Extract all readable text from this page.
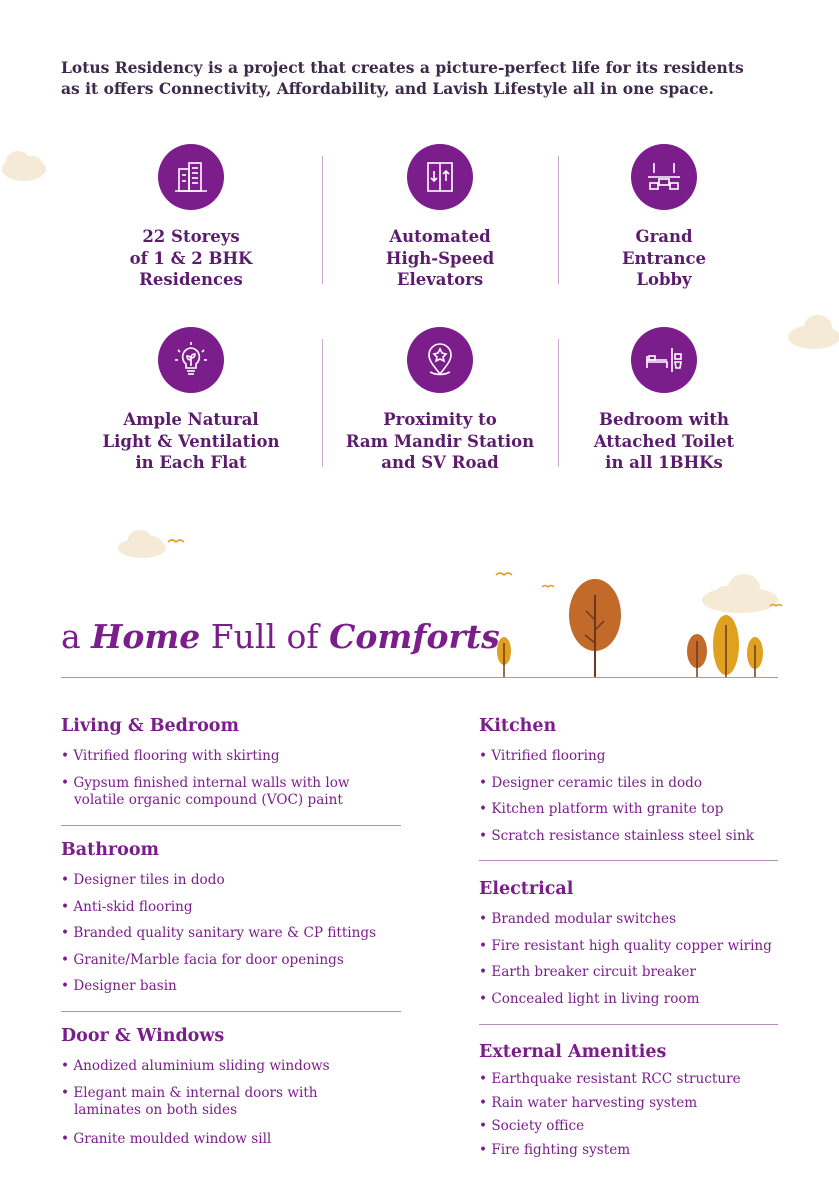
Lotus Residency is a project that creates a picture-perfect life for its residents
as it offers Connectivity, Affordability, and Lavish Lifestyle all in one space.
22 Storeys
of 1 & 2 BHK
Residences
Automated
High-Speed
Elevators
Grand
Entrance
Lobby
Ample Natural
Light & Ventilation
in Each Flat
Proximity to
Ram Mandir Station
and SV Road
Bedroom with
Attached Toilet
in all 1BHKs
a Home Full of Comforts
Living & Bedroom
• Vitrified flooring with skirting
• Gypsum finished internal walls with low
volatile organic compound (VOC) paint
Bathroom
• Designer tiles in dodo
• Anti-skid flooring
• Branded quality sanitary ware & CP fittings
• Granite/Marble facia for door openings
• Designer basin
Door & Windows
• Anodized aluminium sliding windows
• Elegant main & internal doors with
laminates on both sides
• Granite moulded window sill
Kitchen
• Vitrified flooring
• Designer ceramic tiles in dodo
• Kitchen platform with granite top
• Scratch resistance stainless steel sink
Electrical
• Branded modular switches
• Fire resistant high quality copper wiring
• Earth breaker circuit breaker
• Concealed light in living room
External Amenities
• Earthquake resistant RCC structure
• Rain water harvesting system
• Society office
• Fire fighting system
